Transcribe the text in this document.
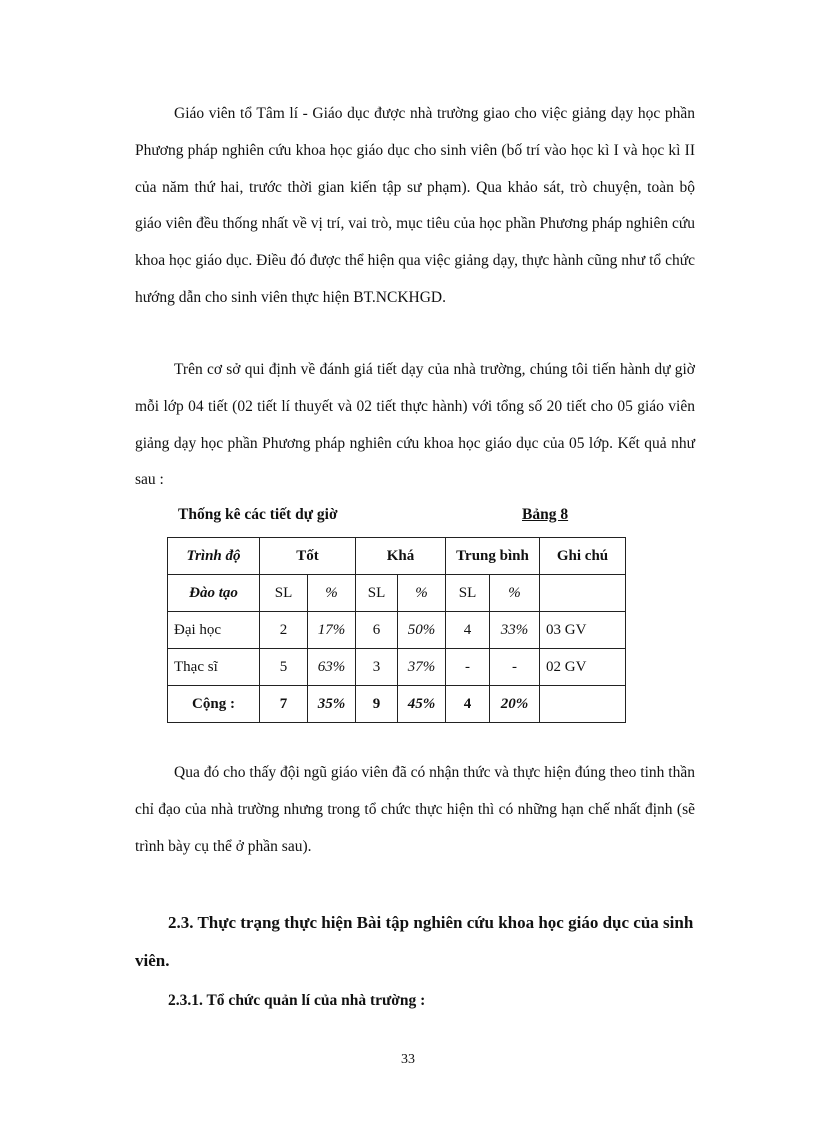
Giáo viên tổ Tâm lí - Giáo dục được nhà trường giao cho việc giảng dạy học phần Phương pháp nghiên cứu khoa học giáo dục cho sinh viên (bố trí vào học kì I và học kì II của năm thứ hai, trước thời gian kiến tập sư phạm). Qua khảo sát, trò chuyện, toàn bộ giáo viên đều thống nhất về vị trí, vai trò, mục tiêu của học phần Phương pháp nghiên cứu khoa học giáo dục. Điều đó được thể hiện qua việc giảng dạy, thực hành cũng như tổ chức hướng dẫn cho sinh viên thực hiện BT.NCKHGD.

Trên cơ sở qui định về đánh giá tiết dạy của nhà trường, chúng tôi tiến hành dự giờ mỗi lớp 04 tiết (02 tiết lí thuyết và 02 tiết thực hành) với tổng số 20 tiết cho 05 giáo viên giảng dạy học phần Phương pháp nghiên cứu khoa học giáo dục của 05 lớp. Kết quả như sau :

Thống kê các tiết dự giờ	Bảng 8
Trình độ	Tốt		Khá		Trung bình		Ghi chú
Đào tạo	SL	%	SL	%	SL	%	
Đại học	2	17%	6	50%	4	33%	03 GV
Thạc sĩ	5	63%	3	37%	-	-	02 GV
Cộng :	7	35%	9	45%	4	20%	

Qua đó cho thấy đội ngũ giáo viên đã có nhận thức và thực hiện đúng theo tinh thần chỉ đạo của nhà trường nhưng trong tổ chức thực hiện thì có những hạn chế nhất định (sẽ trình bày cụ thể ở phần sau).

2.3. Thực trạng thực hiện Bài tập nghiên cứu khoa học giáo dục của sinh viên.

2.3.1. Tổ chức quản lí của nhà trường :
33
